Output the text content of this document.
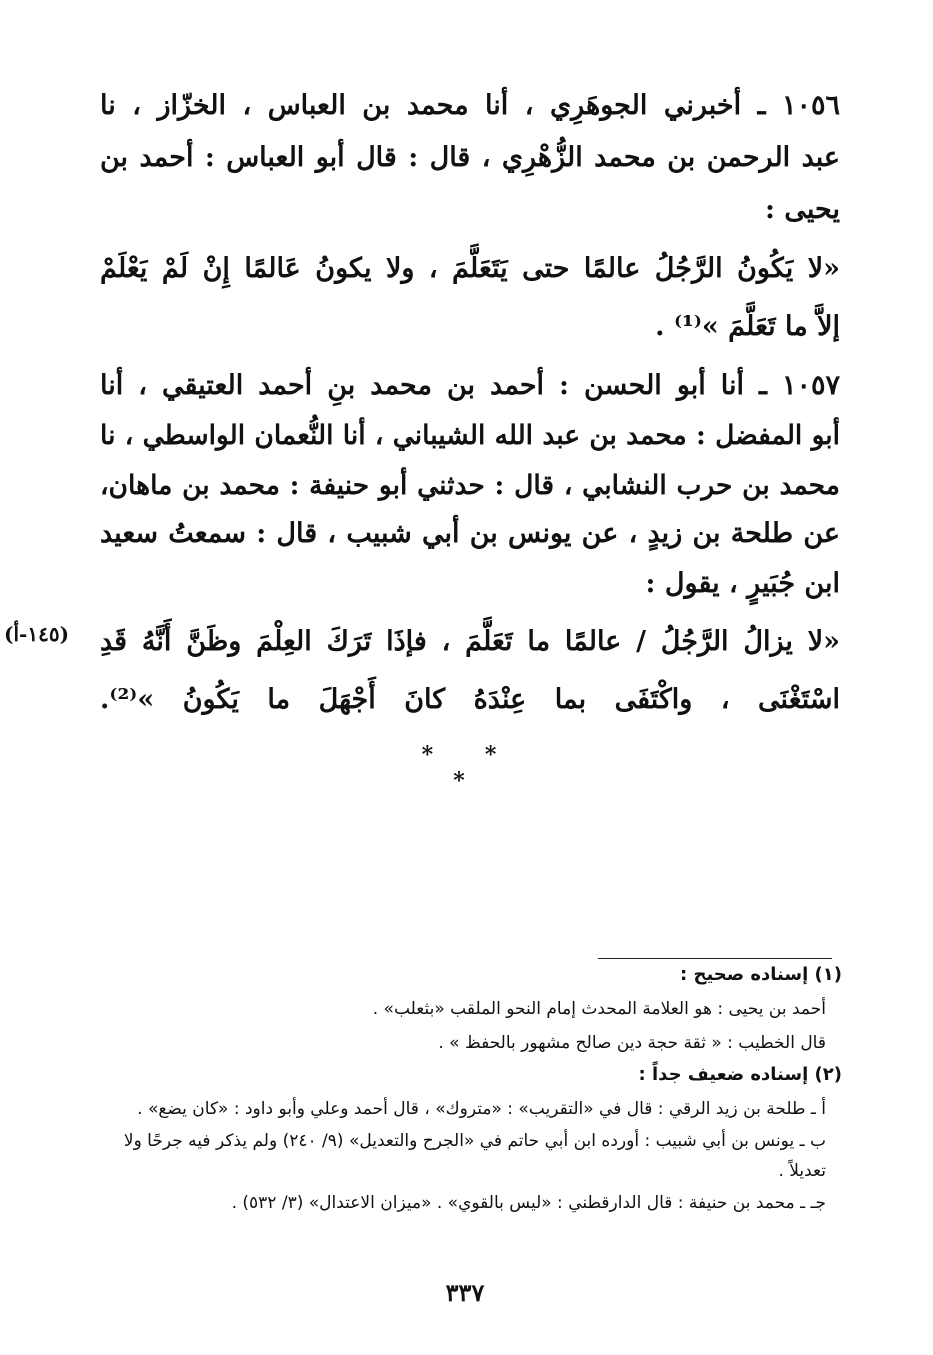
١٠٥٦ ـ أخبرني الجوهَرِي ، أنا محمد بن العباس ، الخزّاز ، نا
عبد الرحمن بن محمد الزُّهْرِي ، قال : قال أبو العباس : أحمد بن
يحيى :
«لا يَكُونُ الرَّجُلُ عالمًا حتى يَتَعَلَّمَ ، ولا يكونُ عَالمًا إِنْ لَمْ يَعْلَمْ
إلاَّ ما تَعَلَّمَ »⁽¹⁾ .
١٠٥٧ ـ أنا أبو الحسن : أحمد بن محمد بنِ أحمد العتيقي ، أنا
أبو المفضل : محمد بن عبد الله الشيباني ، أنا النُّعمان الواسطي ، نا
محمد بن حرب النشابي ، قال : حدثني أبو حنيفة : محمد بن ماهان،
عن طلحة بن زيدٍ ، عن يونس بن أبي شبيب ، قال : سمعتُ سعيد
ابن جُبَيرٍ ، يقول :
«لا يزالُ الرَّجُلُ / عالمًا ما تَعَلَّمَ ، فإذَا تَرَكَ العِلْمَ وظَنَّ أَنَّهُ قَدِ
اسْتَغْنَى ، واكْتَفَى بما عِنْدَهُ كانَ أَجْهَلَ ما يَكُونُ »⁽²⁾.
(١٤٥-أ)
* * *
(١) إسناده صحيح :
أحمد بن يحيى : هو العلامة المحدث إمام النحو الملقب «بثعلب» .
قال الخطيب : « ثقة حجة دين صالح مشهور بالحفظ » .
(٢) إسناده ضعيف جداً :
أ ـ طلحة بن زيد الرقي : قال في «التقريب» : «متروك» ، قال أحمد وعلي وأبو داود : «كان يضع» .
ب ـ يونس بن أبي شبيب : أورده ابن أبي حاتم في «الجرح والتعديل» (٩/ ٢٤٠) ولم يذكر فيه جرحًا ولا
تعديلاً .
جـ ـ محمد بن حنيفة : قال الدارقطني : «ليس بالقوي» . «ميزان الاعتدال» (٣/ ٥٣٢) .
٣٣٧
